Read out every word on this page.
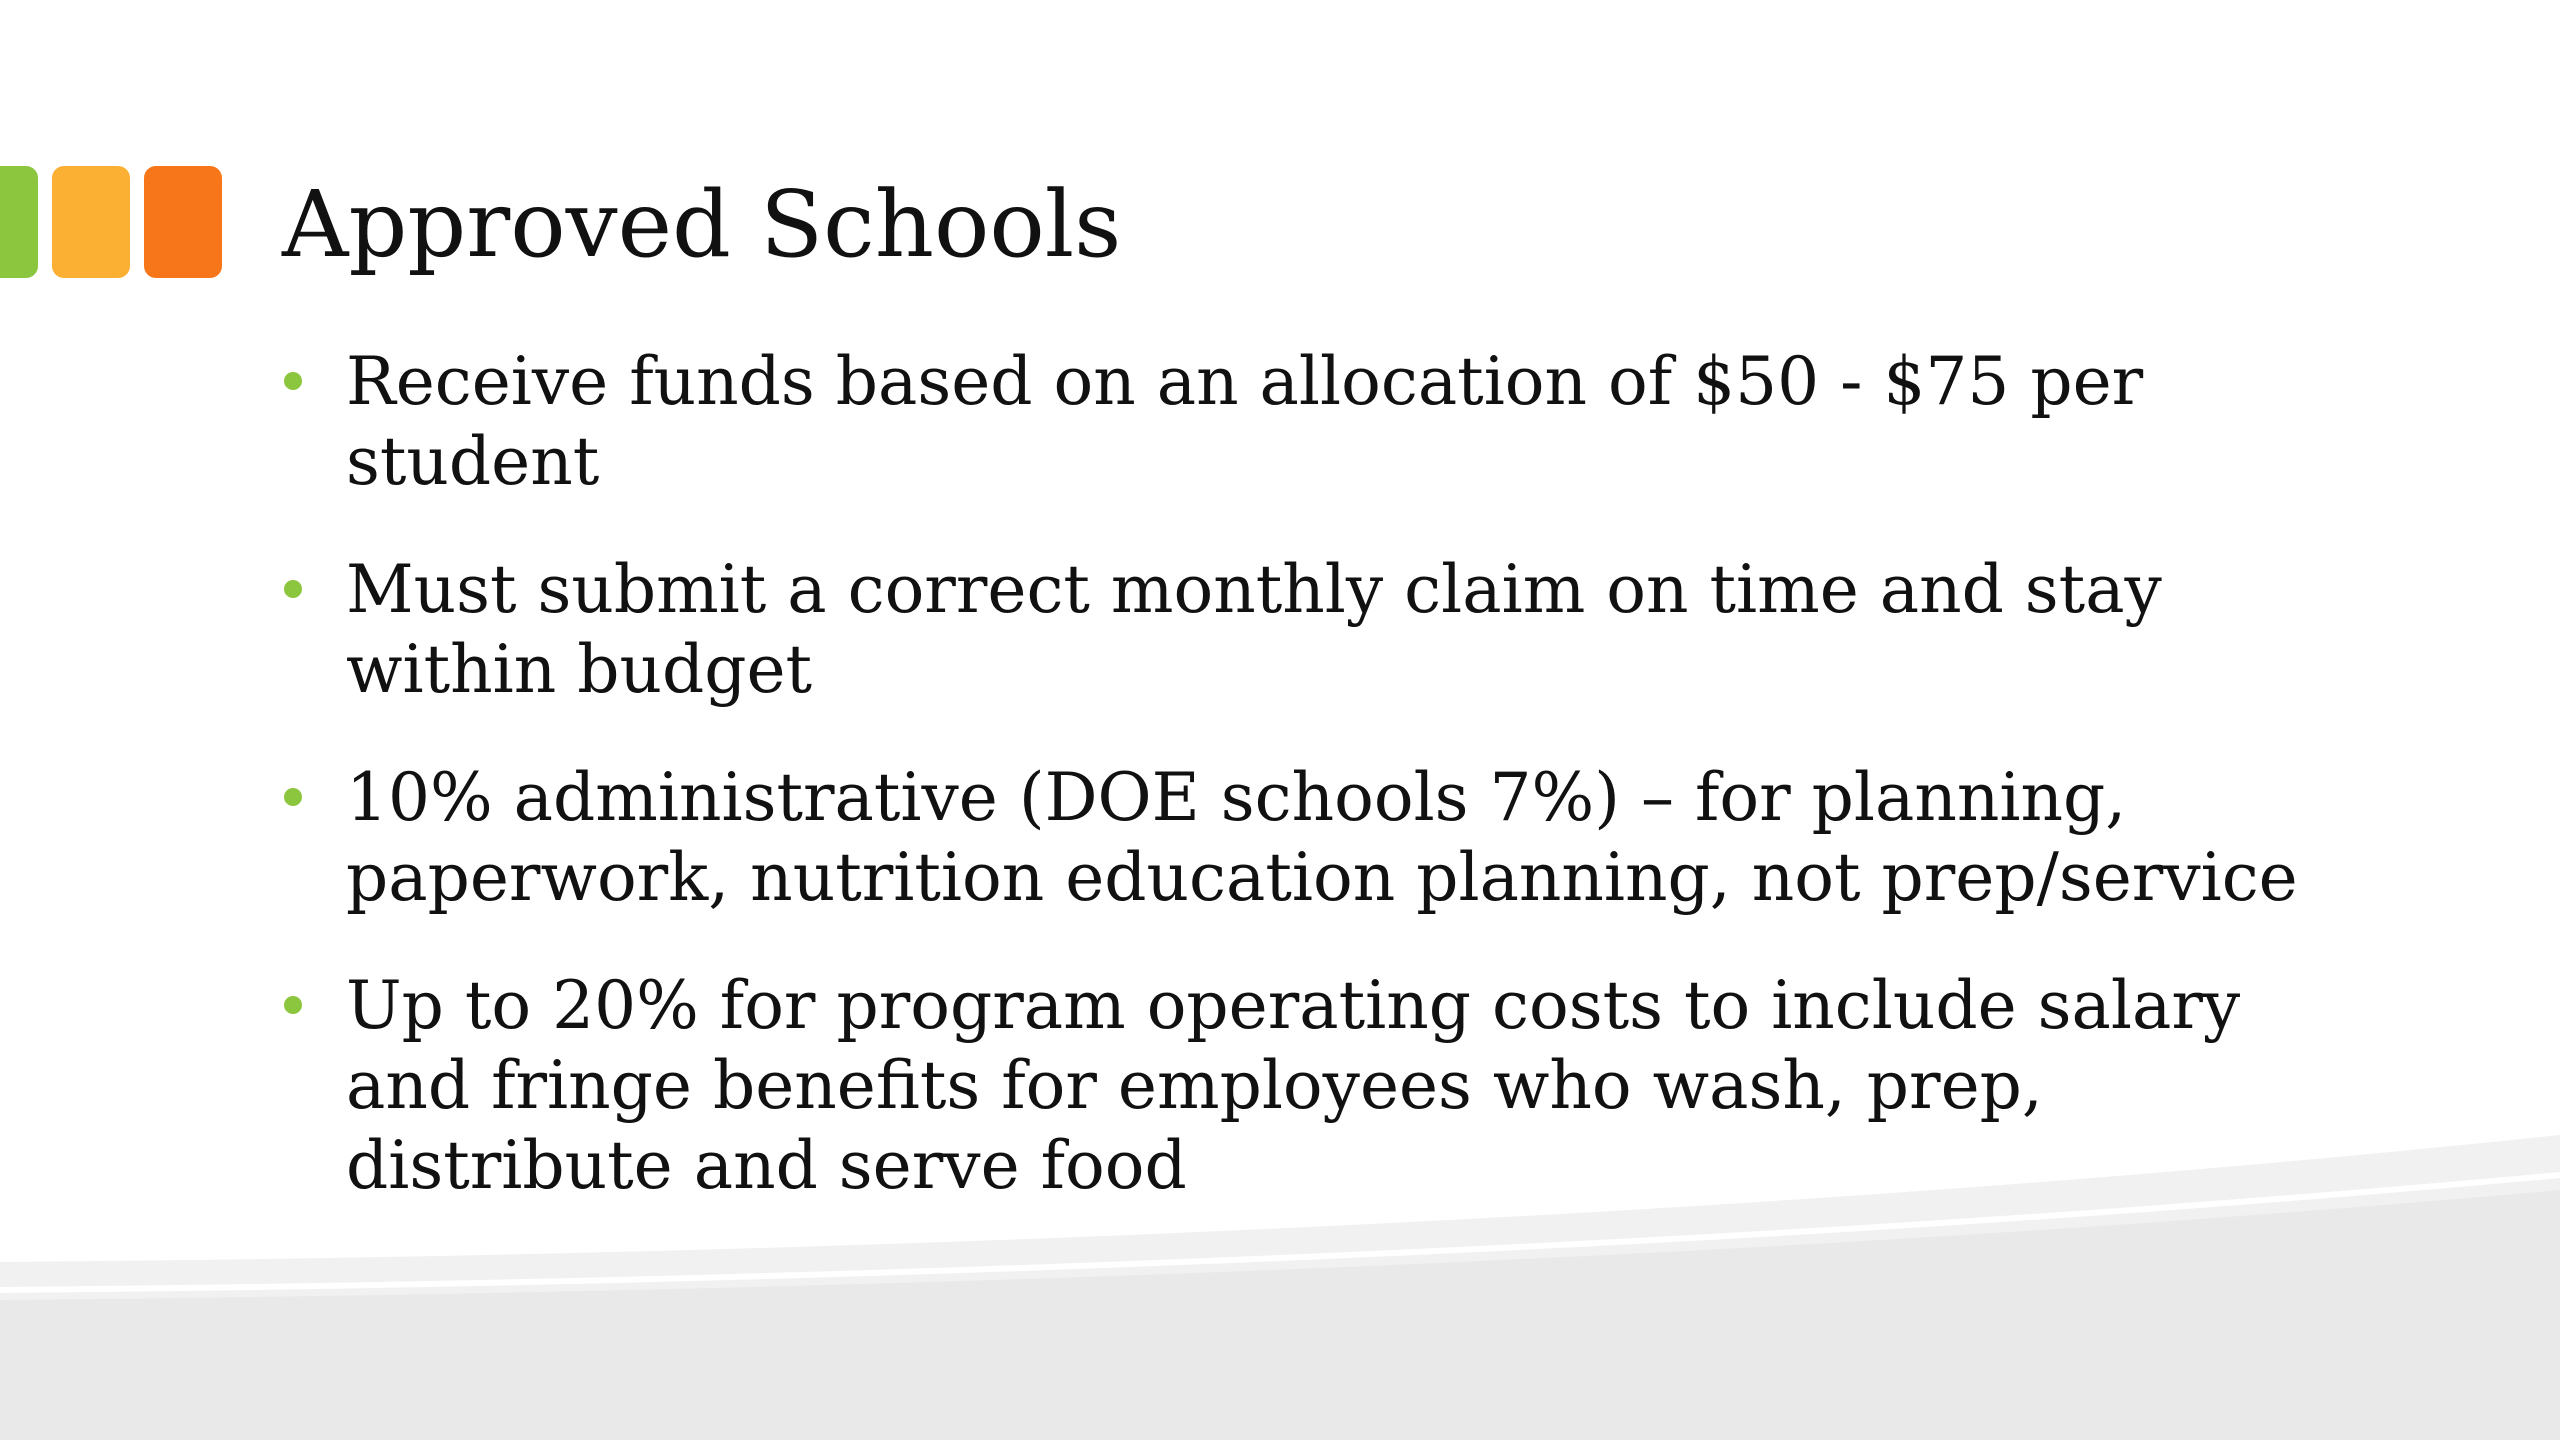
Approved Schools
Receive funds based on an allocation of $50 - $75 per student
Must submit a correct monthly claim on time and stay within budget
10% administrative (DOE schools 7%) – for planning, paperwork, nutrition education planning, not prep/service
Up to 20% for program operating costs to include salary and fringe benefits for employees who wash, prep, distribute and serve food
